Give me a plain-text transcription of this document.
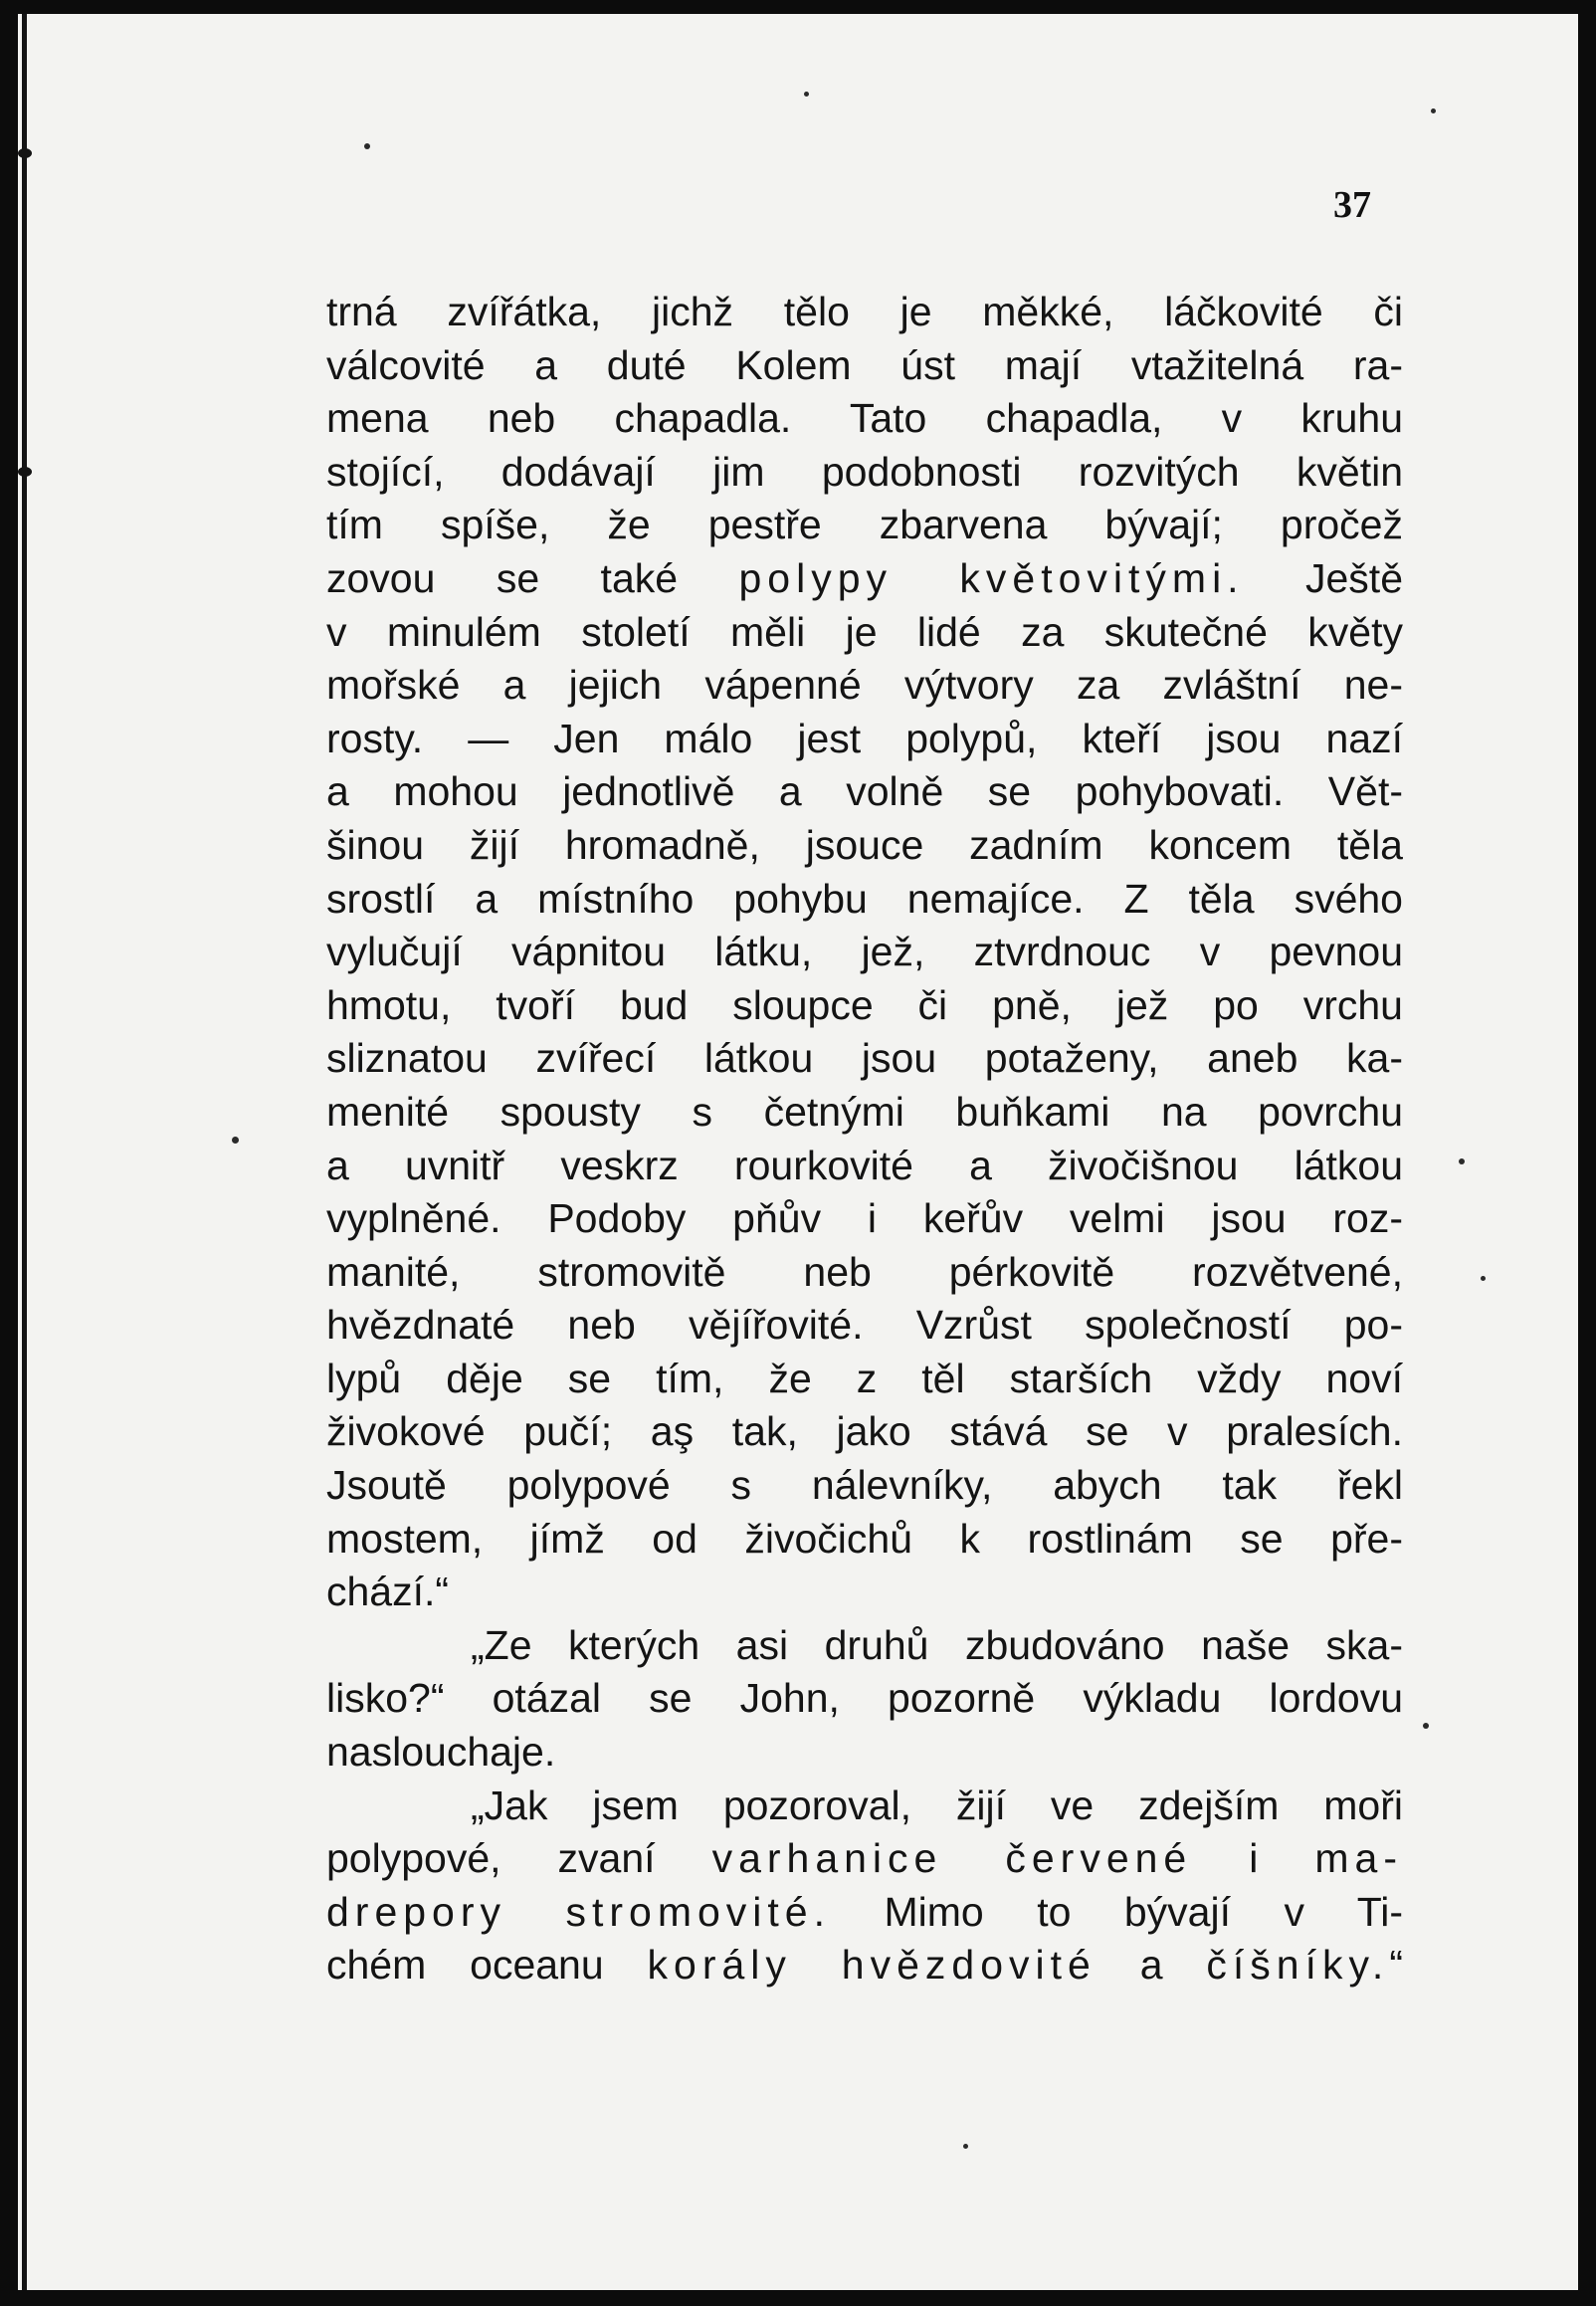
37
trná zvířátka, jichž tělo je měkké, láčkovité či
válcovité a duté Kolem úst mají vtažitelná ra-
mena neb chapadla. Tato chapadla, v kruhu
stojící, dodávají jim podobnosti rozvitých květin
tím spíše, že pestře zbarvena bývají; pročež
zovou se také polypy květovitými. Ještě
v minulém století měli je lidé za skutečné květy
mořské a jejich vápenné výtvory za zvláštní ne-
rosty. — Jen málo jest polypů, kteří jsou nazí
a mohou jednotlivě a volně se pohybovati. Vět-
šinou žijí hromadně, jsouce zadním koncem těla
srostlí a místního pohybu nemajíce. Z těla svého
vylučují vápnitou látku, jež, ztvrdnouc v pevnou
hmotu, tvoří bud sloupce či pně, jež po vrchu
sliznatou zvířecí látkou jsou potaženy, aneb ka-
menité spousty s četnými buňkami na povrchu
a uvnitř veskrz rourkovité a živočišnou látkou
vyplněné. Podoby pňův i keřův velmi jsou roz-
manité, stromovitě neb pérkovitě rozvětvené,
hvězdnaté neb vějířovité. Vzrůst společností po-
lypů děje se tím, že z těl starších vždy noví
živokové pučí; aş tak, jako stává se v pralesích.
Jsoutě polypové s nálevníky, abych tak řekl
mostem, jímž od živočichů k rostlinám se pře-
chází.“
„Ze kterých asi druhů zbudováno naše ska-
lisko?“ otázal se John, pozorně výkladu lordovu
naslouchaje.
„Jak jsem pozoroval, žijí ve zdejším moři
polypové, zvaní varhanice červené i ma-
drepory stromovité. Mimo to bývají v Ti-
chém oceanu korály hvězdovité a číšníky.“
